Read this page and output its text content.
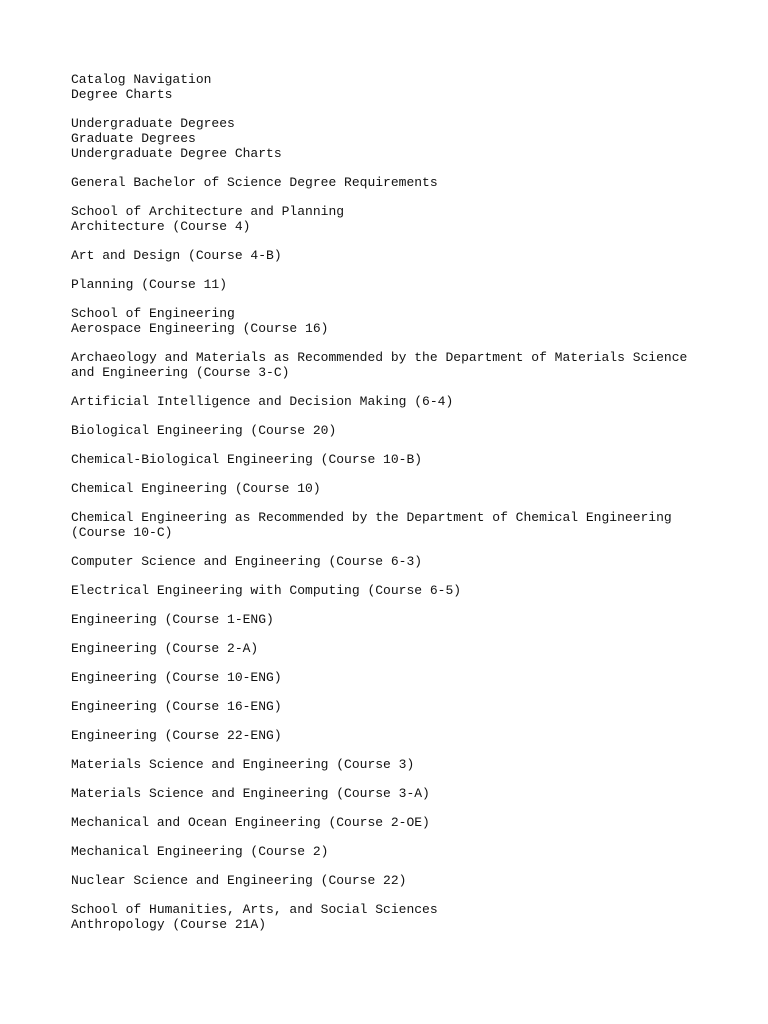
Catalog Navigation
Degree Charts
Undergraduate Degrees
Graduate Degrees
Undergraduate Degree Charts
General Bachelor of Science Degree Requirements
School of Architecture and Planning
Architecture (Course 4)
Art and Design (Course 4-B)
Planning (Course 11)
School of Engineering
Aerospace Engineering (Course 16)
Archaeology and Materials as Recommended by the Department of Materials Science and Engineering (Course 3-C)
Artificial Intelligence and Decision Making (6-4)
Biological Engineering (Course 20)
Chemical-Biological Engineering (Course 10-B)
Chemical Engineering (Course 10)
Chemical Engineering as Recommended by the Department of Chemical Engineering (Course 10-C)
Computer Science and Engineering (Course 6-3)
Electrical Engineering with Computing (Course 6-5)
Engineering (Course 1-ENG)
Engineering (Course 2-A)
Engineering (Course 10-ENG)
Engineering (Course 16-ENG)
Engineering (Course 22-ENG)
Materials Science and Engineering (Course 3)
Materials Science and Engineering (Course 3-A)
Mechanical and Ocean Engineering (Course 2-OE)
Mechanical Engineering (Course 2)
Nuclear Science and Engineering (Course 22)
School of Humanities, Arts, and Social Sciences
Anthropology (Course 21A)
